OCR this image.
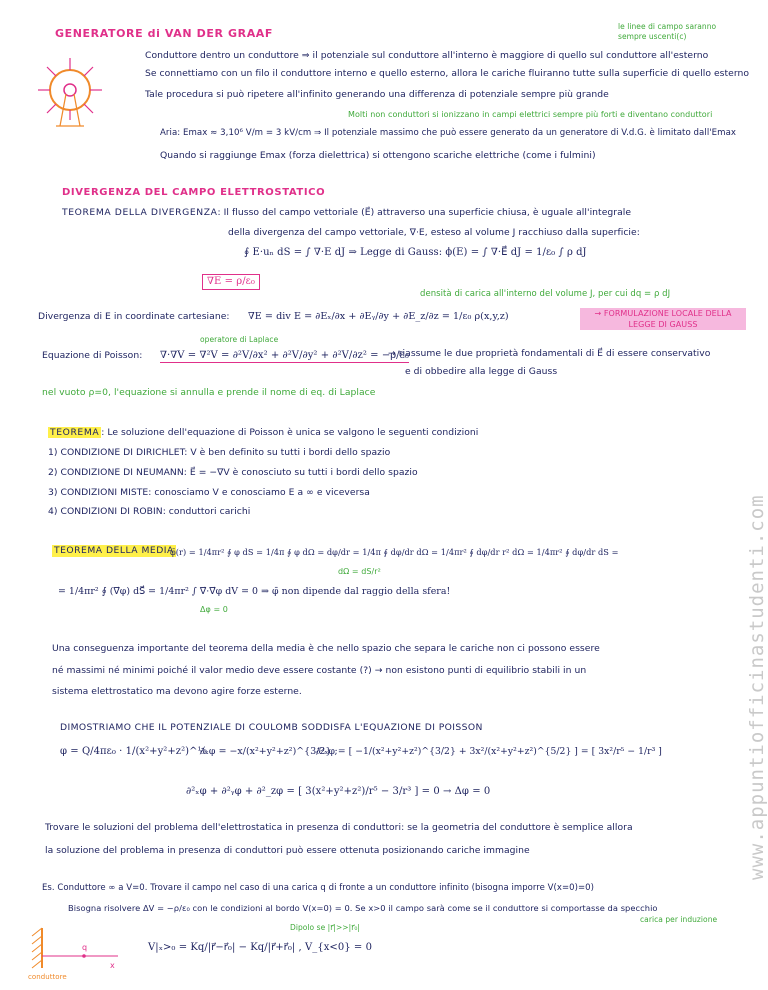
GENERATORE di VAN DER GRAAF
le linee di campo saranno sempre uscenti(c)
Conduttore dentro un conduttore ⇒ il potenziale sul conduttore all'interno è maggiore di quello sul conduttore all'esterno
Se connettiamo con un filo il conduttore interno e quello esterno, allora le cariche fluiranno tutte sulla superficie di quello esterno
Tale procedura si può ripetere all'infinito generando una differenza di potenziale sempre più grande
Molti non conduttori si ionizzano in campi elettrici sempre più forti e diventano conduttori
Aria: Emax ≈ 3,10⁶ V/m = 3 kV/cm ⇒ Il potenziale massimo che può essere generato da un generatore di V.d.G. è limitato dall'Emax
Quando si raggiunge Emax (forza dielettrica) si ottengono scariche elettriche (come i fulmini)
DIVERGENZA DEL CAMPO ELETTROSTATICO
TEOREMA DELLA DIVERGENZA: Il flusso del campo vettoriale (E⃗) attraverso una superficie chiusa, è uguale all'integrale
della divergenza del campo vettoriale, ∇·E, esteso al volume J racchiuso dalla superficie:
∮ E·uₙ dS = ∫ ∇·E dJ ⇒ Legge di Gauss: ϕ(E) = ∫ ∇·E⃗ dJ = 1/ε₀ ∫ ρ dJ
∇E = ρ/ε₀
densità di carica all'interno del volume J, per cui dq = ρ dJ
Divergenza di E in coordinate cartesiane: ∇E = div E = ∂Eₓ/∂x + ∂Eᵧ/∂y + ∂E_z/∂z = 1/ε₀ ρ(x,y,z)	→ FORMULAZIONE LOCALE DELLA LEGGE DI GAUSS
operatore di Laplace
Equazione di Poisson: ∇·∇V = ∇²V = ∂²V/∂x² + ∂²V/∂y² + ∂²V/∂z² = −ρ/ε₀
→ riassume le due proprietà fondamentali di E⃗ di essere conservativo
e di obbedire alla legge di Gauss
nel vuoto ρ=0, l'equazione si annulla e prende il nome di eq. di Laplace
TEOREMA : Le soluzione dell'equazione di Poisson è unica se valgono le seguenti condizioni
1) CONDIZIONE DI DIRICHLET: V è ben definito su tutti i bordi dello spazio
2) CONDIZIONE DI NEUMANN: E⃗ = −∇V è conosciuto su tutti i bordi dello spazio
3) CONDIZIONI MISTE: conosciamo V e conosciamo E a ∞ e viceversa
4) CONDIZIONI DI ROBIN: conduttori carichi
TEOREMA DELLA MEDIA
φ̄(r) = 1/4πr² ∮ φ dS = 1/4π ∮ φ dΩ = dφ/dr = 1/4π ∮ dφ/dr dΩ = 1/4πr² ∮ dφ/dr r² dΩ = 1/4πr² ∮ dφ/dr dS =
dΩ = dS/r²
= 1/4πr² ∮ (∇⃗φ) dS⃗ = 1/4πr² ∫ ∇⃗·∇⃗φ dV = 0 ⇒ φ̄ non dipende dal raggio della sfera!
Δφ = 0
Una conseguenza importante del teorema della media è che nello spazio che separa le cariche non ci possono essere
né massimi né minimi poiché il valor medio deve essere costante (?) → non esistono punti di equilibrio stabili in un
sistema elettrostatico ma devono agire forze esterne.
DIMOSTRIAMO CHE IL POTENZIALE DI COULOMB SODDISFA L'EQUAZIONE DI POISSON
φ = Q/4πε₀ · 1/(x²+y²+z²)^½
∂ₓφ = −x/(x²+y²+z²)^{3/2} ;
∂²ₓφ = [ −1/(x²+y²+z²)^{3/2} + 3x²/(x²+y²+z²)^{5/2} ] = [ 3x²/r⁵ − 1/r³ ]
∂²ₓφ + ∂²ᵧφ + ∂²_zφ = [ 3(x²+y²+z²)/r⁵ − 3/r³ ] = 0 → Δφ = 0
Trovare le soluzioni del problema dell'elettrostatica in presenza di conduttori: se la geometria del conduttore è semplice allora
la soluzione del problema in presenza di conduttori può essere ottenuta posizionando cariche immagine
Es. Conduttore ∞ a V=0. Trovare il campo nel caso di una carica q di fronte a un conduttore infinito (bisogna imporre V(x=0)=0)
Bisogna risolvere ΔV = −ρ/ε₀ con le condizioni al bordo V(x=0) = 0. Se x>0 il campo sarà come se il conduttore si comportasse da specchio
Dipolo se |r⃗|>>|r⃗₀|
carica per induzione
V|ₓ>₀ = Kq/|r⃗−r⃗₀| − Kq/|r⃗+r⃗₀| , V_{x<0} = 0
q
x
conduttore
www.appuntiofficinastudenti.com
